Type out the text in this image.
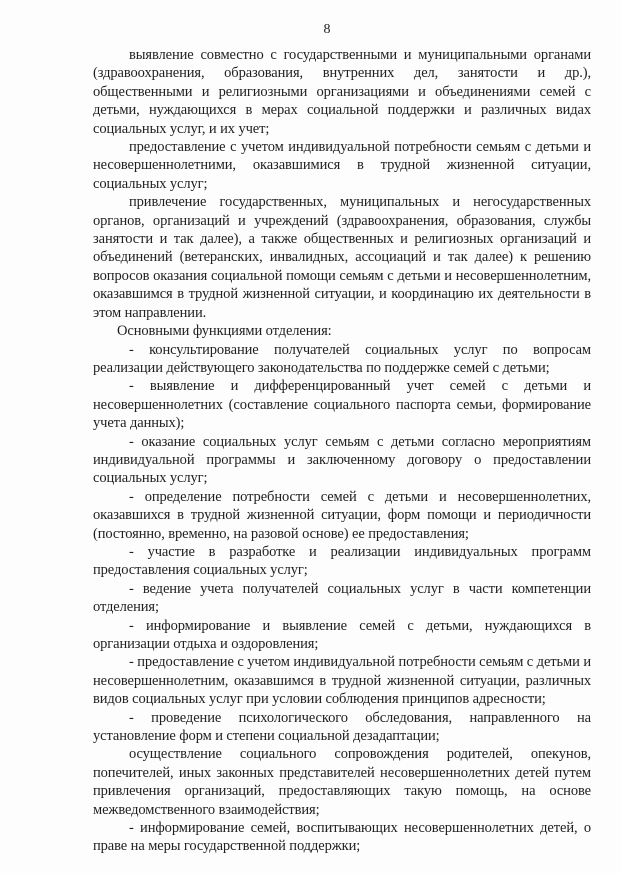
8

выявление совместно с государственными и муниципальными органами (здравоохранения, образования, внутренних дел, занятости и др.), общественными и религиозными организациями и объединениями семей с детьми, нуждающихся в мерах социальной поддержки и различных видах социальных услуг, и их учет;

предоставление с учетом индивидуальной потребности семьям с детьми и несовершеннолетними, оказавшимися в трудной жизненной ситуации, социальных услуг;

привлечение государственных, муниципальных и негосударственных органов, организаций и учреждений (здравоохранения, образования, службы занятости и так далее), а также общественных и религиозных организаций и объединений (ветеранских, инвалидных, ассоциаций и так далее) к решению вопросов оказания социальной помощи семьям с детьми и несовершеннолетним, оказавшимся в трудной жизненной ситуации, и координацию их деятельности в этом направлении.

Основными функциями отделения:

- консультирование получателей социальных услуг по вопросам реализации действующего законодательства по поддержке семей с детьми;

- выявление и дифференцированный учет семей с детьми и несовершеннолетних (составление социального паспорта семьи, формирование учета данных);

- оказание социальных услуг семьям с детьми согласно мероприятиям индивидуальной программы и заключенному договору о предоставлении социальных услуг;

- определение потребности семей с детьми и несовершеннолетних, оказавшихся в трудной жизненной ситуации, форм помощи и периодичности (постоянно, временно, на разовой основе) ее предоставления;

- участие в разработке и реализации индивидуальных программ предоставления социальных услуг;

- ведение учета получателей социальных услуг в части компетенции отделения;

- информирование и выявление семей с детьми, нуждающихся в организации отдыха и оздоровления;

- предоставление с учетом индивидуальной потребности семьям с детьми и несовершеннолетним, оказавшимся в трудной жизненной ситуации, различных видов социальных услуг при условии соблюдения принципов адресности;

- проведение психологического обследования, направленного на установление форм и степени социальной дезадаптации;

осуществление социального сопровождения родителей, опекунов, попечителей, иных законных представителей несовершеннолетних детей путем привлечения организаций, предоставляющих такую помощь, на основе межведомственного взаимодействия;

- информирование семей, воспитывающих несовершеннолетних детей, о праве на меры государственной поддержки;
